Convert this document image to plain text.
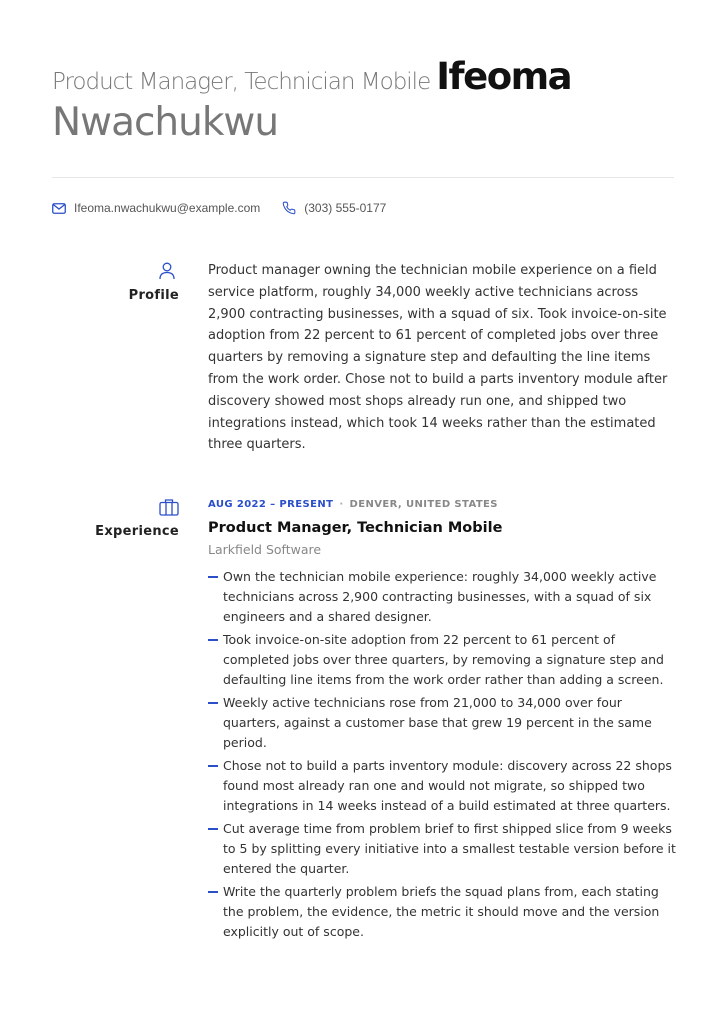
Product Manager, Technician Mobile Ifeoma
Nwachukwu
Ifeoma.nwachukwu@example.com	(303) 555-0177
Profile

Product manager owning the technician mobile experience on a field service platform, roughly 34,000 weekly active technicians across 2,900 contracting businesses, with a squad of six. Took invoice-on-site adoption from 22 percent to 61 percent of completed jobs over three quarters by removing a signature step and defaulting the line items from the work order. Chose not to build a parts inventory module after discovery showed most shops already run one, and shipped two integrations instead, which took 14 weeks rather than the estimated three quarters.

Experience
AUG 2022 – PRESENT · DENVER, UNITED STATES
Product Manager, Technician Mobile
Larkfield Software
Own the technician mobile experience: roughly 34,000 weekly active technicians across 2,900 contracting businesses, with a squad of six engineers and a shared designer.
Took invoice-on-site adoption from 22 percent to 61 percent of completed jobs over three quarters, by removing a signature step and defaulting line items from the work order rather than adding a screen.
Weekly active technicians rose from 21,000 to 34,000 over four quarters, against a customer base that grew 19 percent in the same period.
Chose not to build a parts inventory module: discovery across 22 shops found most already ran one and would not migrate, so shipped two integrations in 14 weeks instead of a build estimated at three quarters.
Cut average time from problem brief to first shipped slice from 9 weeks to 5 by splitting every initiative into a smallest testable version before it entered the quarter.
Write the quarterly problem briefs the squad plans from, each stating the problem, the evidence, the metric it should move and the version explicitly out of scope.
